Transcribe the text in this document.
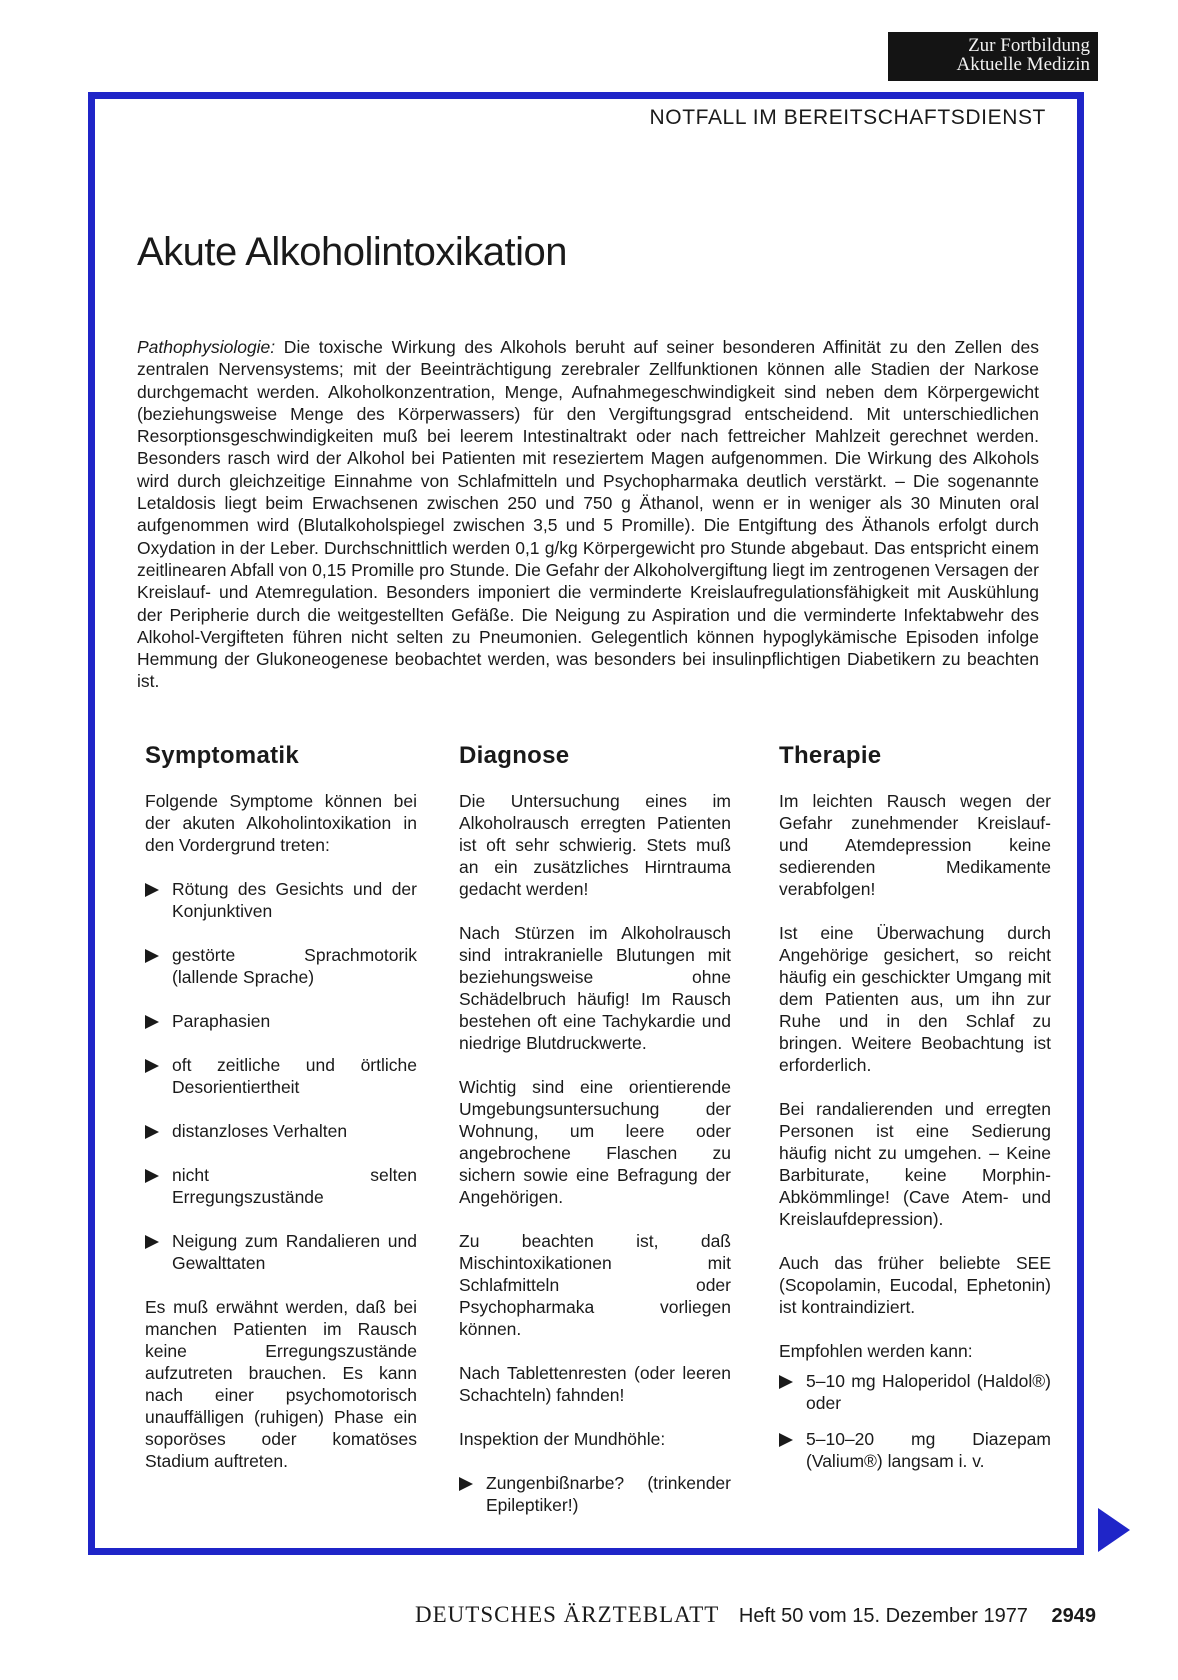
Zur Fortbildung
Aktuelle Medizin
NOTFALL IM BEREITSCHAFTSDIENST
Akute Alkoholintoxikation

Pathophysiologie: Die toxische Wirkung des Alkohols beruht auf seiner besonderen Affinität zu den Zellen des zentralen Nervensystems; mit der Beeinträchtigung zerebraler Zellfunktionen können alle Stadien der Narkose durchgemacht werden. Alkoholkonzentration, Menge, Aufnahmegeschwindigkeit sind neben dem Körpergewicht (beziehungsweise Menge des Körperwassers) für den Vergiftungsgrad entscheidend. Mit unterschiedlichen Resorptionsgeschwindigkeiten muß bei leerem Intestinaltrakt oder nach fettreicher Mahlzeit gerechnet werden. Besonders rasch wird der Alkohol bei Patienten mit reseziertem Magen aufgenommen. Die Wirkung des Alkohols wird durch gleichzeitige Einnahme von Schlafmitteln und Psychopharmaka deutlich verstärkt. – Die sogenannte Letaldosis liegt beim Erwachsenen zwischen 250 und 750 g Äthanol, wenn er in weniger als 30 Minuten oral aufgenommen wird (Blutalkoholspiegel zwischen 3,5 und 5 Promille). Die Entgiftung des Äthanols erfolgt durch Oxydation in der Leber. Durchschnittlich werden 0,1 g/kg Körpergewicht pro Stunde abgebaut. Das entspricht einem zeitlinearen Abfall von 0,15 Promille pro Stunde. Die Gefahr der Alkoholvergiftung liegt im zentrogenen Versagen der Kreislauf- und Atemregulation. Besonders imponiert die verminderte Kreislaufregulationsfähigkeit mit Auskühlung der Peripherie durch die weitgestellten Gefäße. Die Neigung zu Aspiration und die verminderte Infektabwehr des Alkohol-Vergifteten führen nicht selten zu Pneumonien. Gelegentlich können hypoglykämische Episoden infolge Hemmung der Glukoneogenese beobachtet werden, was besonders bei insulinpflichtigen Diabetikern zu beachten ist.

Symptomatik

Folgende Symptome können bei der akuten Alkoholintoxikation in den Vordergrund treten:

Rötung des Gesichts und der Konjunktiven
gestörte Sprachmotorik (lallende Sprache)
Paraphasien
oft zeitliche und örtliche Desorientiertheit
distanzloses Verhalten
nicht selten Erregungszustände
Neigung zum Randalieren und Gewalttaten

Es muß erwähnt werden, daß bei manchen Patienten im Rausch keine Erregungszustände aufzutreten brauchen. Es kann nach einer psychomotorisch unauffälligen (ruhigen) Phase ein soporöses oder komatöses Stadium auftreten.

Diagnose

Die Untersuchung eines im Alkoholrausch erregten Patienten ist oft sehr schwierig. Stets muß an ein zusätzliches Hirntrauma gedacht werden!

Nach Stürzen im Alkoholrausch sind intrakranielle Blutungen mit beziehungsweise ohne Schädelbruch häufig! Im Rausch bestehen oft eine Tachykardie und niedrige Blutdruckwerte.

Wichtig sind eine orientierende Umgebungsuntersuchung der Wohnung, um leere oder angebrochene Flaschen zu sichern sowie eine Befragung der Angehörigen.

Zu beachten ist, daß Mischintoxikationen mit Schlafmitteln oder Psychopharmaka vorliegen können.

Nach Tablettenresten (oder leeren Schachteln) fahnden!

Inspektion der Mundhöhle:

Zungenbißnarbe? (trinkender Epileptiker!)
Therapie

Im leichten Rausch wegen der Gefahr zunehmender Kreislauf- und Atemdepression keine sedierenden Medikamente verabfolgen!

Ist eine Überwachung durch Angehörige gesichert, so reicht häufig ein geschickter Umgang mit dem Patienten aus, um ihn zur Ruhe und in den Schlaf zu bringen. Weitere Beobachtung ist erforderlich.

Bei randalierenden und erregten Personen ist eine Sedierung häufig nicht zu umgehen. – Keine Barbiturate, keine Morphin-Abkömmlinge! (Cave Atem- und Kreislaufdepression).

Auch das früher beliebte SEE (Scopolamin, Eucodal, Ephetonin) ist kontraindiziert.

Empfohlen werden kann:

5–10 mg Haloperidol (Haldol®) oder
5–10–20 mg Diazepam (Valium®) langsam i. v.
DEUTSCHES ÄRZTEBLATT Heft 50 vom 15. Dezember 1977 2949
